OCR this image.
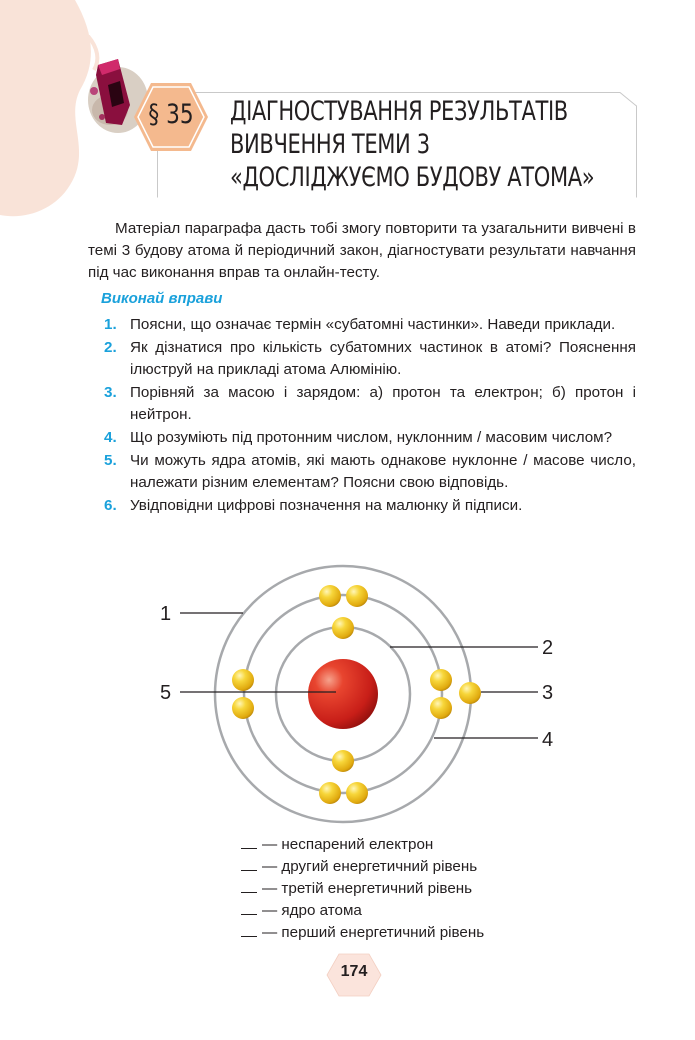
ДІАГНОСТУВАННЯ РЕЗУЛЬТАТІВ
ВИВЧЕННЯ ТЕМИ 3
«ДОСЛІДЖУЄМО БУДОВУ АТОМА»
§ 35

Матеріал параграфа дасть тобі змогу повторити та узагальнити вивчені в темі 3 будову атома й періодичний закон, діагностувати результати навчання під час виконання вправ та онлайн-тесту.

Виконай вправи
1. Поясни, що означає термін «субатомні частинки». Наведи приклади.
2. Як дізнатися про кількість субатомних частинок в атомі? Пояснення ілюструй на прикладі атома Алюмінію.
3. Порівняй за масою і зарядом: а) протон та електрон; б) протон і нейтрон.
4. Що розуміють під протонним числом, нуклонним / масовим числом?
5. Чи можуть ядра атомів, які мають однакове нуклонне / масове число, належати різним елементам? Поясни свою відповідь.
6. Увідповідни цифрові позначення на малюнку й підписи.
1
2
3
4
5
— неспарений електрон
— другий енергетичний рівень
— третій енергетичний рівень
— ядро атома
— перший енергетичний рівень
174
